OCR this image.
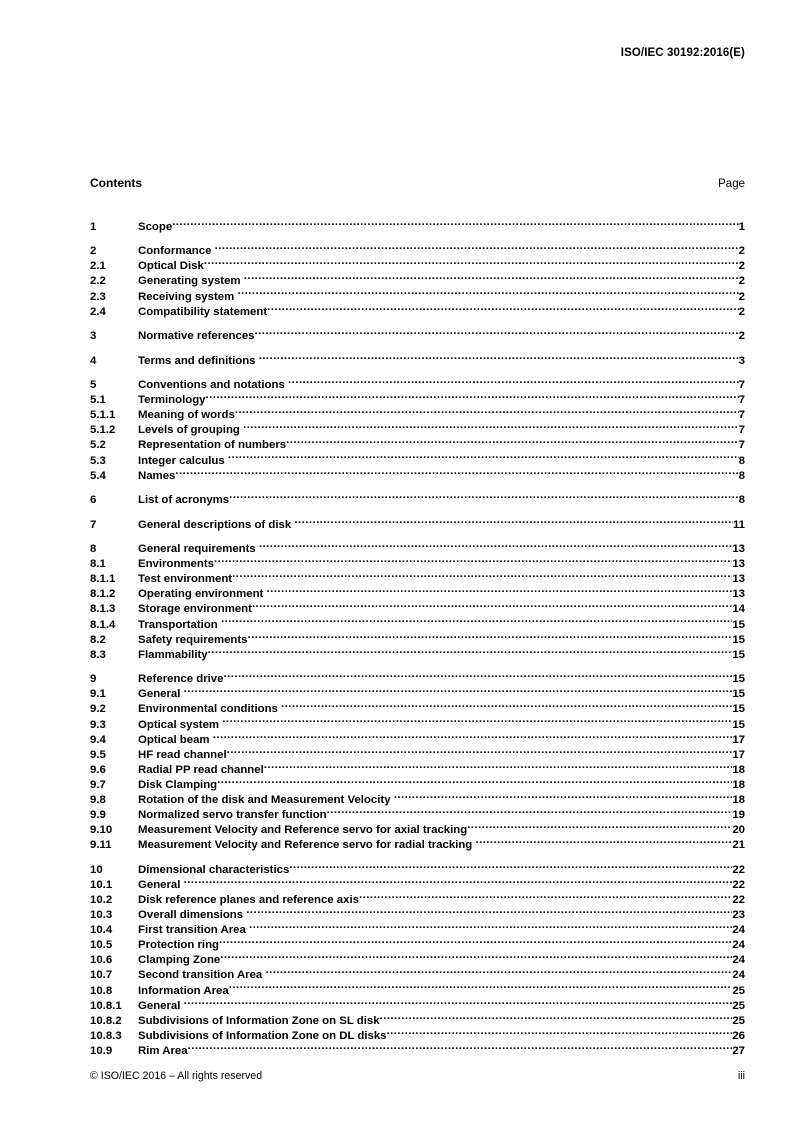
ISO/IEC 30192:2016(E)
Contents	Page
1	Scope .....	1
2	Conformance .....	2
2.1	Optical Disk .....	2
2.2	Generating system .....	2
2.3	Receiving system .....	2
2.4	Compatibility statement .....	2
3	Normative references .....	2
4	Terms and definitions .....	3
5	Conventions and notations .....	7
5.1	Terminology .....	7
5.1.1	Meaning of words .....	7
5.1.2	Levels of grouping .....	7
5.2	Representation of numbers .....	7
5.3	Integer calculus .....	8
5.4	Names .....	8
6	List of acronyms .....	8
7	General descriptions of disk .....	11
8	General requirements .....	13
8.1	Environments .....	13
8.1.1	Test environment .....	13
8.1.2	Operating environment .....	13
8.1.3	Storage environment .....	14
8.1.4	Transportation .....	15
8.2	Safety requirements .....	15
8.3	Flammability .....	15
9	Reference drive .....	15
9.1	General .....	15
9.2	Environmental conditions .....	15
9.3	Optical system .....	15
9.4	Optical beam .....	17
9.5	HF read channel .....	17
9.6	Radial PP read channel .....	18
9.7	Disk Clamping .....	18
9.8	Rotation of the disk and Measurement Velocity .....	18
9.9	Normalized servo transfer function .....	19
9.10	Measurement Velocity and Reference servo for axial tracking .....	20
9.11	Measurement Velocity and Reference servo for radial tracking .....	21
10	Dimensional characteristics .....	22
10.1	General .....	22
10.2	Disk reference planes and reference axis .....	22
10.3	Overall dimensions .....	23
10.4	First transition Area .....	24
10.5	Protection ring .....	24
10.6	Clamping Zone .....	24
10.7	Second transition Area .....	24
10.8	Information Area .....	25
10.8.1	General .....	25
10.8.2	Subdivisions of Information Zone on SL disk .....	25
10.8.3	Subdivisions of Information Zone on DL disks .....	26
10.9	Rim Area .....	27
© ISO/IEC 2016 – All rights reserved	iii
